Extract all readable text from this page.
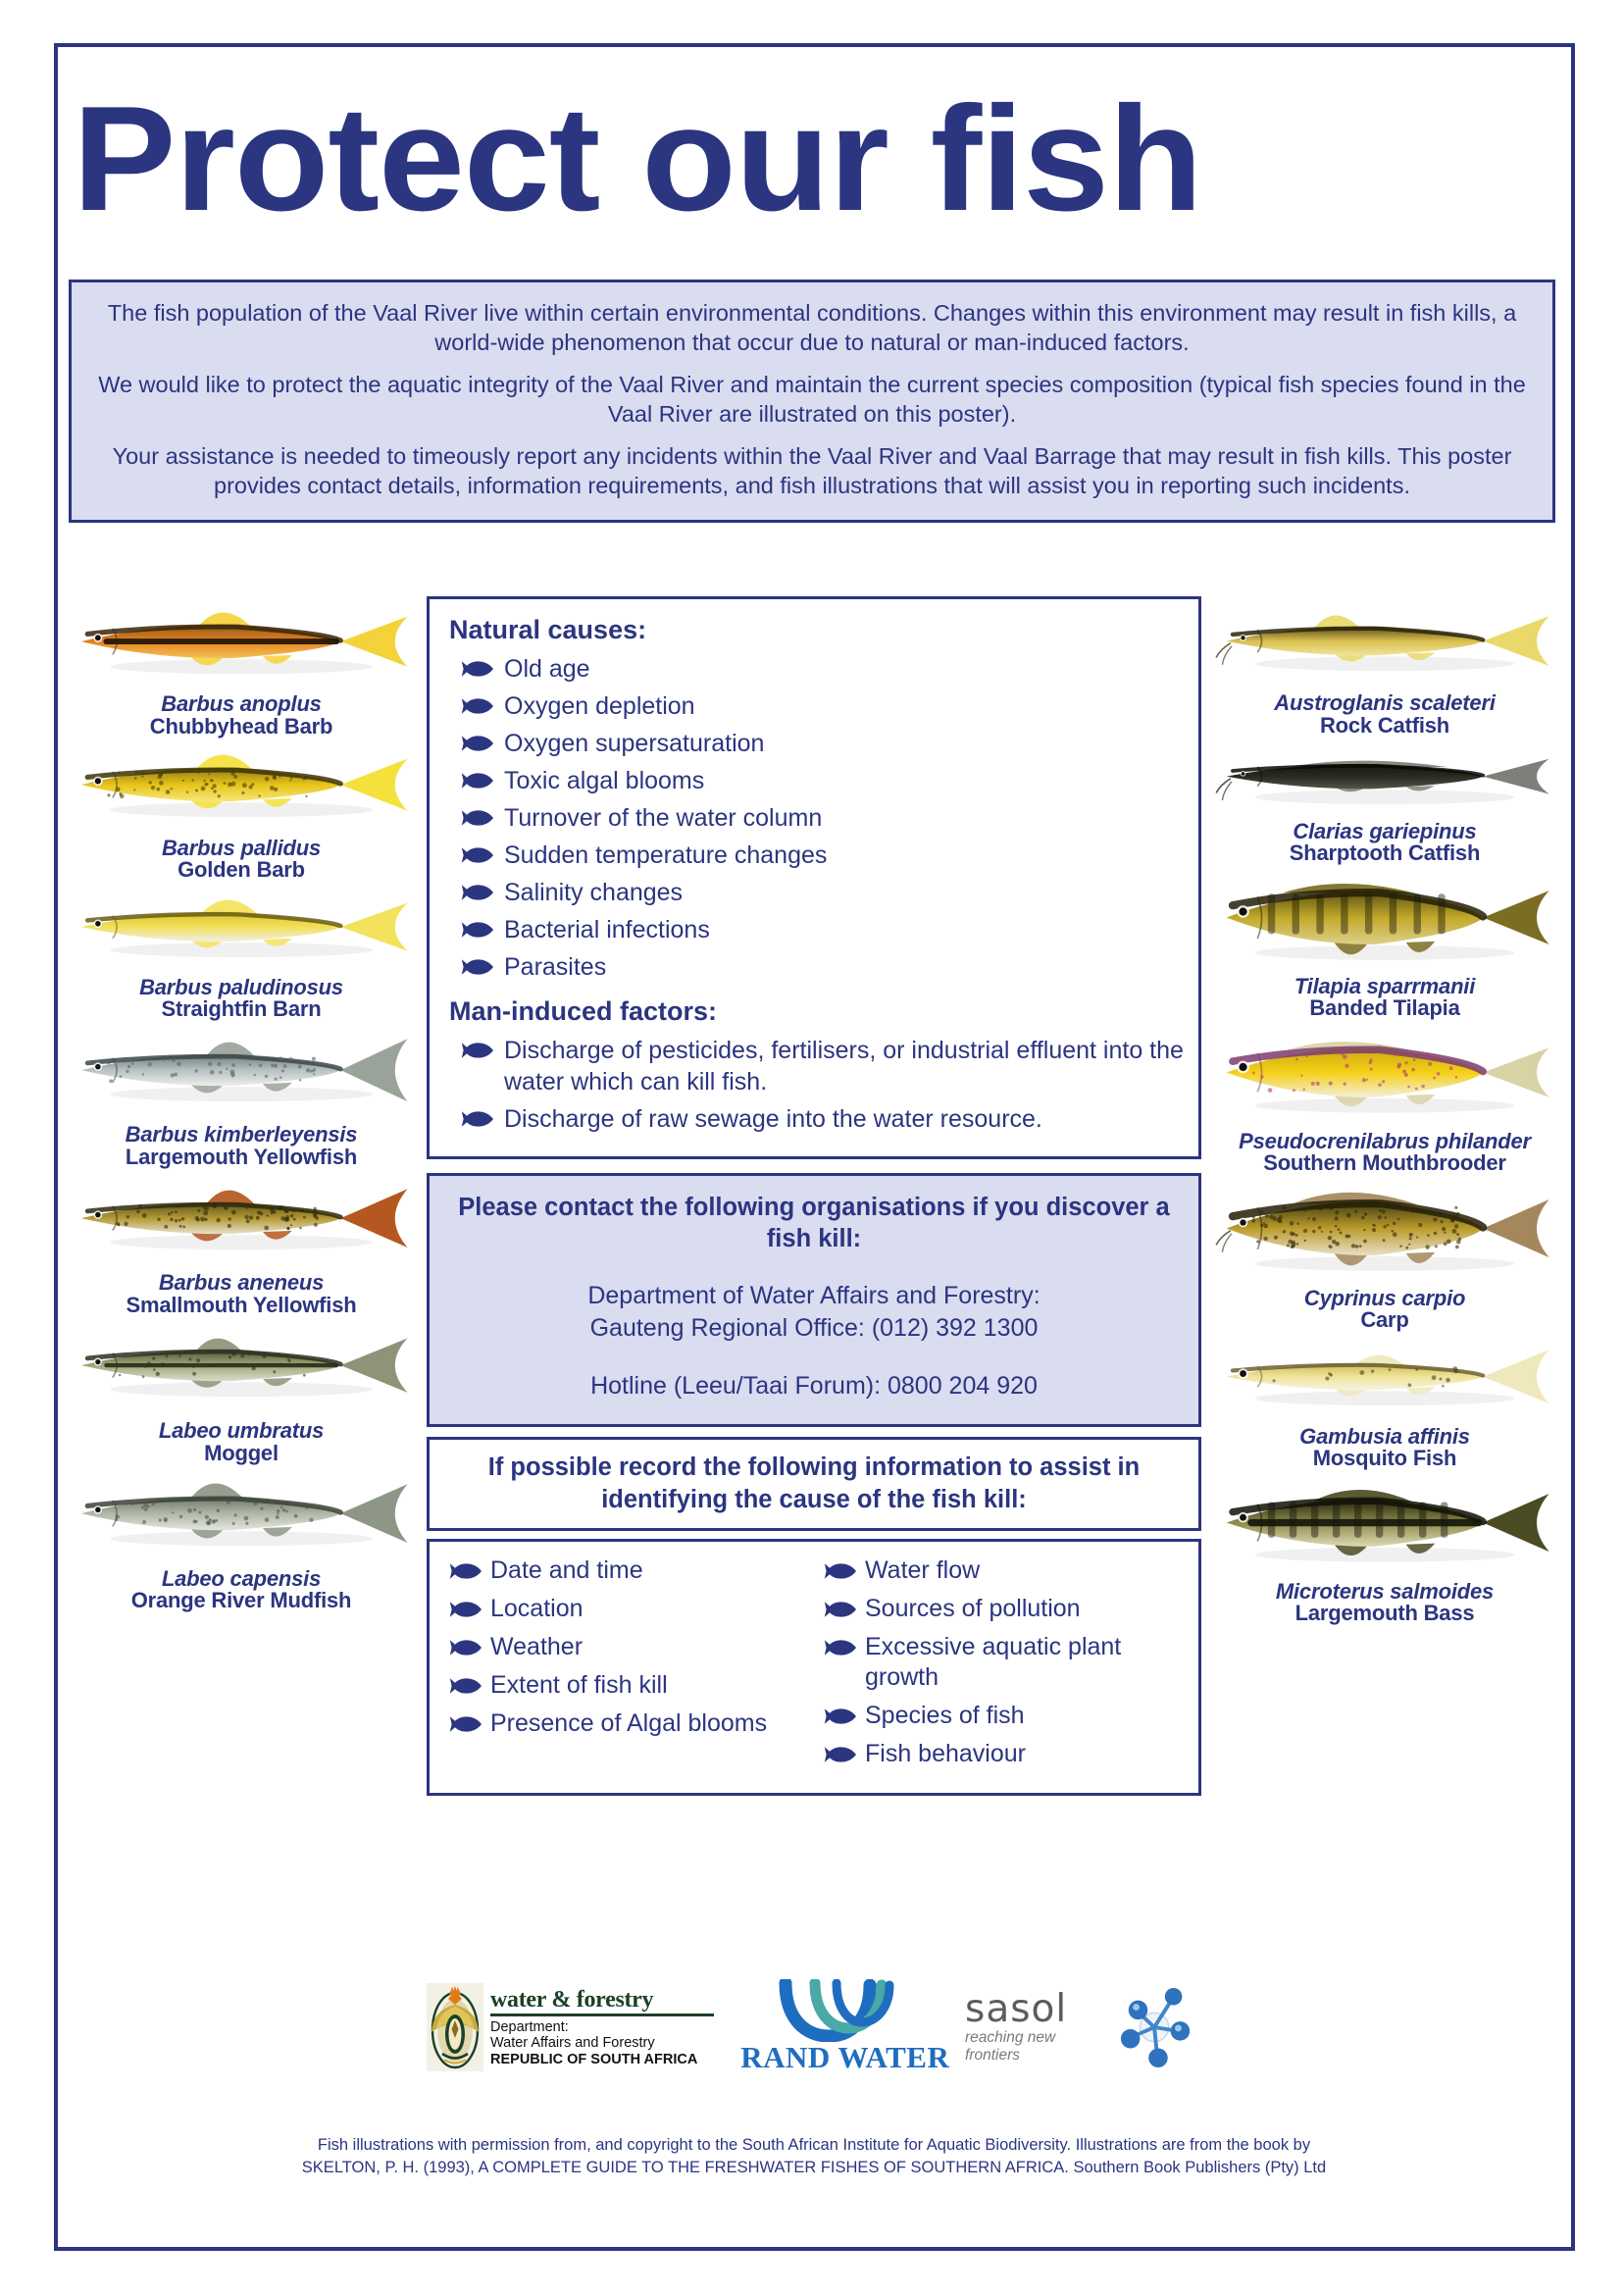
Protect our fish

The fish population of the Vaal River live within certain environmental conditions. Changes within this environment may result in fish kills, a world-wide phenomenon that occur due to natural or man-induced factors.

We would like to protect the aquatic integrity of the Vaal River and maintain the current species composition (typical fish species found in the Vaal River are illustrated on this poster).

Your assistance is needed to timeously report any incidents within the Vaal River and Vaal Barrage that may result in fish kills. This poster provides contact details, information requirements, and fish illustrations that will assist you in reporting such incidents.

Barbus anoplus
Chubbyhead Barb
Barbus pallidus
Golden Barb
Barbus paludinosus
Straightfin Barn
Barbus kimberleyensis
Largemouth Yellowfish
Barbus aneneus
Smallmouth Yellowfish
Labeo umbratus
Moggel
Labeo capensis
Orange River Mudfish
Natural causes:
Old age
Oxygen depletion
Oxygen supersaturation
Toxic algal blooms
Turnover of the water column
Sudden temperature changes
Salinity changes
Bacterial infections
Parasites
Man-induced factors:
Discharge of pesticides, fertilisers, or industrial effluent into the water which can kill fish.
Discharge of raw sewage into the water resource.
Please contact the following organisations if you discover a fish kill:
Department of Water Affairs and Forestry:
Gauteng Regional Office: (012) 392 1300
Hotline (Leeu/Taai Forum): 0800 204 920
If possible record the following information to assist in identifying the cause of the fish kill:
Date and time
Location
Weather
Extent of fish kill
Presence of Algal blooms
Water flow
Sources of pollution
Excessive aquatic plant growth
Species of fish
Fish behaviour
Austroglanis scaleteri
Rock Catfish
Clarias gariepinus
Sharptooth Catfish
Tilapia sparrmanii
Banded Tilapia
Pseudocrenilabrus philander
Southern Mouthbrooder
Cyprinus carpio
Carp
Gambusia affinis
Mosquito Fish
Microterus salmoides
Largemouth Bass
water & forestry
Department:
Water Affairs and Forestry
REPUBLIC OF SOUTH AFRICA	RAND WATER
sasol
reaching new frontiers
Fish illustrations with permission from, and copyright to the South African Institute for Aquatic Biodiversity. Illustrations are from the book by
SKELTON, P. H. (1993), A COMPLETE GUIDE TO THE FRESHWATER FISHES OF SOUTHERN AFRICA. Southern Book Publishers (Pty) Ltd
